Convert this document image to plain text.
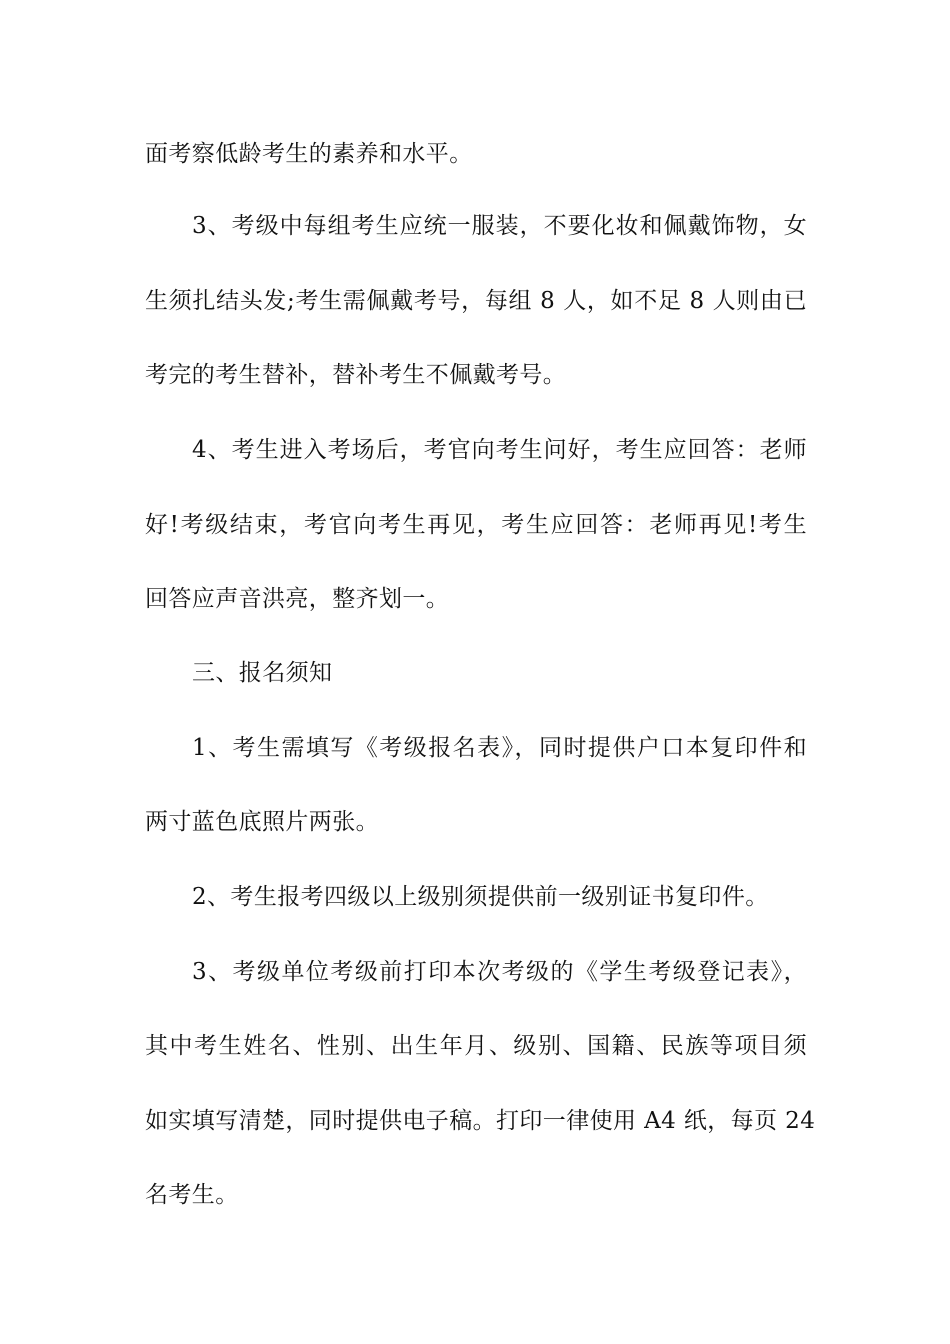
面考察低龄考生的素养和水平。
3、考级中每组考生应统一服装，不要化妆和佩戴饰物，女
生须扎结头发;考生需佩戴考号，每组 8 人，如不足 8 人则由已
考完的考生替补，替补考生不佩戴考号。
4、考生进入考场后，考官向考生问好，考生应回答：老师
好!考级结束，考官向考生再见，考生应回答：老师再见!考生
回答应声音洪亮，整齐划一。
三、报名须知
1、考生需填写《考级报名表》，同时提供户口本复印件和
两寸蓝色底照片两张。
2、考生报考四级以上级别须提供前一级别证书复印件。
3、考级单位考级前打印本次考级的《学生考级登记表》，
其中考生姓名、性别、出生年月、级别、国籍、民族等项目须
如实填写清楚，同时提供电子稿。打印一律使用 A4 纸，每页 24
名考生。
